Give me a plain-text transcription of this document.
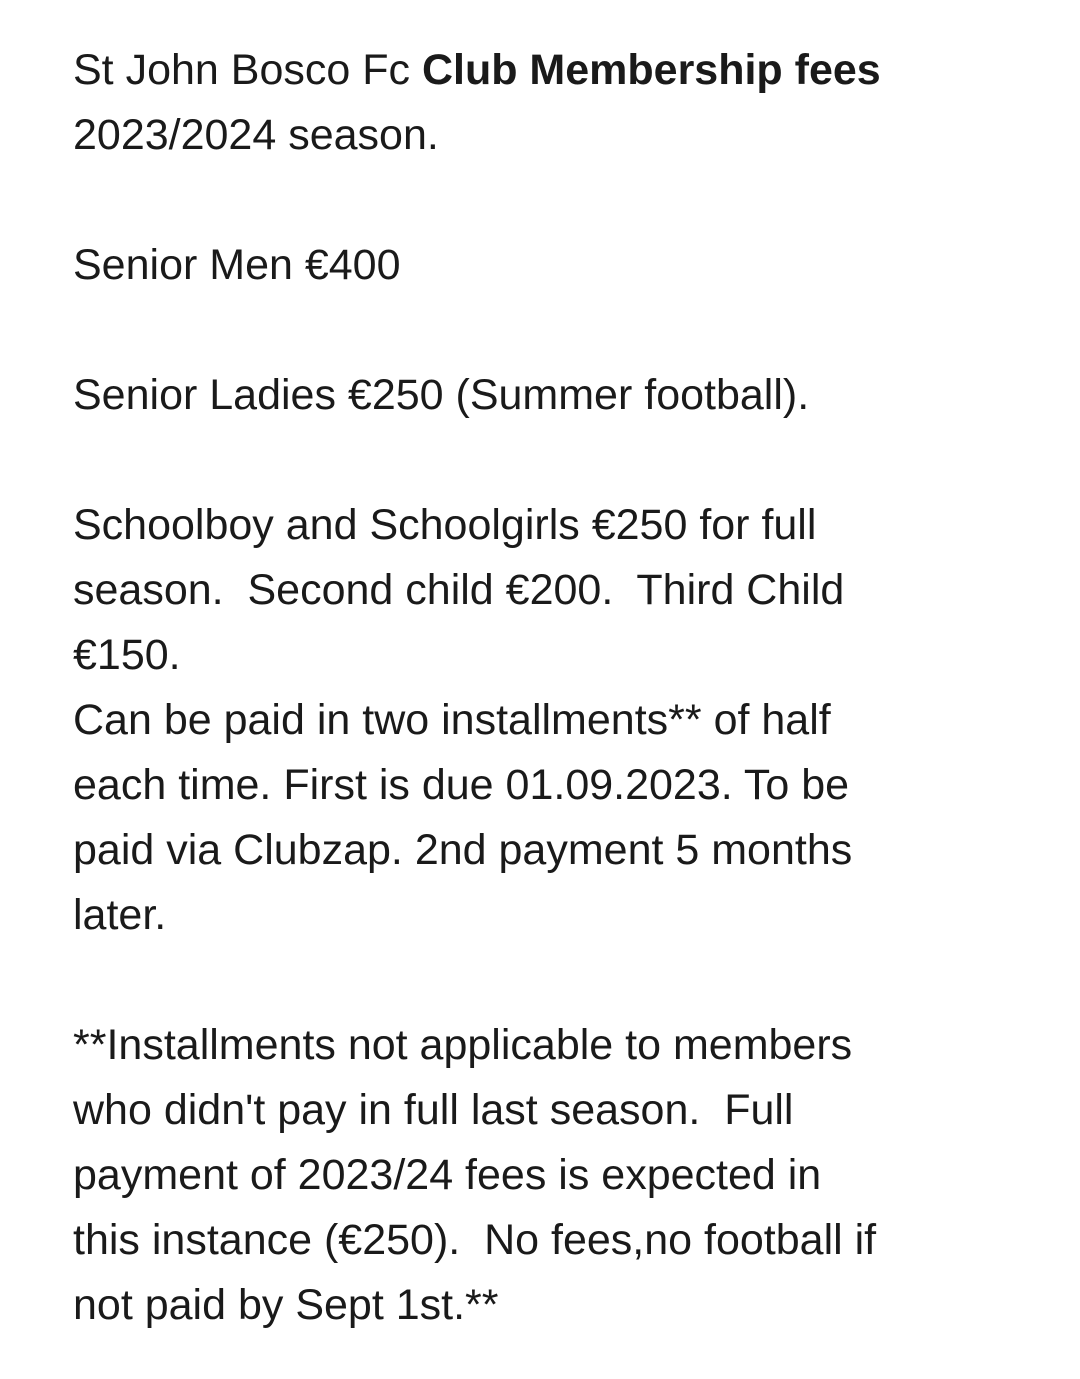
St John Bosco Fc Club Membership fees
2023/2024 season.
Senior Men €400
Senior Ladies €250 (Summer football).
Schoolboy and Schoolgirls €250 for full
season.  Second child €200.  Third Child
€150.
Can be paid in two installments** of half
each time. First is due 01.09.2023. To be
paid via Clubzap. 2nd payment 5 months
later.
**Installments not applicable to members
who didn't pay in full last season.  Full
payment of 2023/24 fees is expected in
this instance (€250).  No fees,no football if
not paid by Sept 1st.**
